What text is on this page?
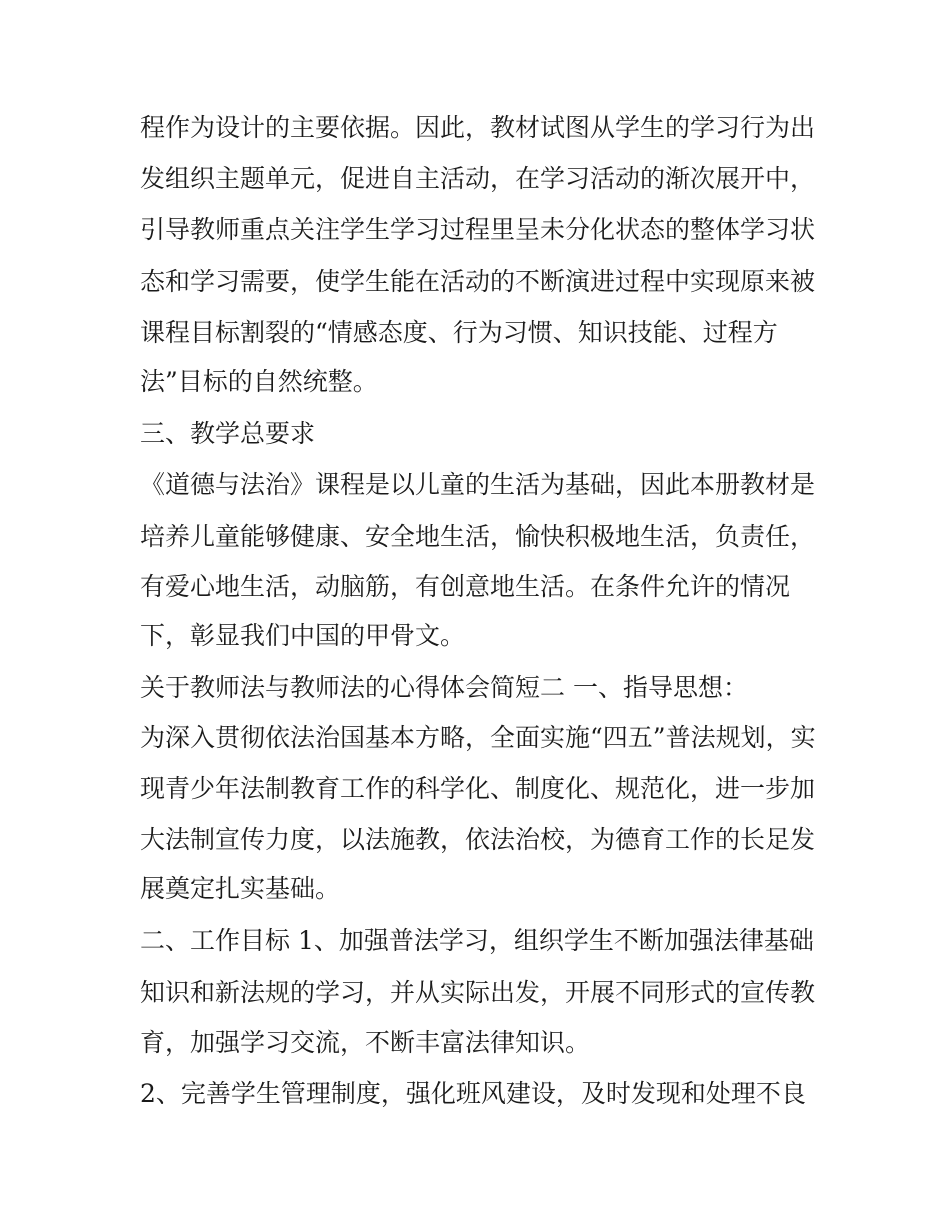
程作为设计的主要依据。因此，教材试图从学生的学习行为出
发组织主题单元，促进自主活动，在学习活动的渐次展开中，
引导教师重点关注学生学习过程里呈未分化状态的整体学习状
态和学习需要，使学生能在活动的不断演进过程中实现原来被
课程目标割裂的“情感态度、行为习惯、知识技能、过程方
法”目标的自然统整。
三、教学总要求
《道德与法治》课程是以儿童的生活为基础，因此本册教材是
培养儿童能够健康、安全地生活，愉快积极地生活，负责任，
有爱心地生活，动脑筋，有创意地生活。在条件允许的情况
下，彰显我们中国的甲骨文。
关于教师法与教师法的心得体会简短二 一、指导思想：
为深入贯彻依法治国基本方略，全面实施“四五”普法规划，实
现青少年法制教育工作的科学化、制度化、规范化，进一步加
大法制宣传力度，以法施教，依法治校，为德育工作的长足发
展奠定扎实基础。
二、工作目标 1、加强普法学习，组织学生不断加强法律基础
知识和新法规的学习，并从实际出发，开展不同形式的宣传教
育，加强学习交流，不断丰富法律知识。
2、完善学生管理制度，强化班风建设，及时发现和处理不良
